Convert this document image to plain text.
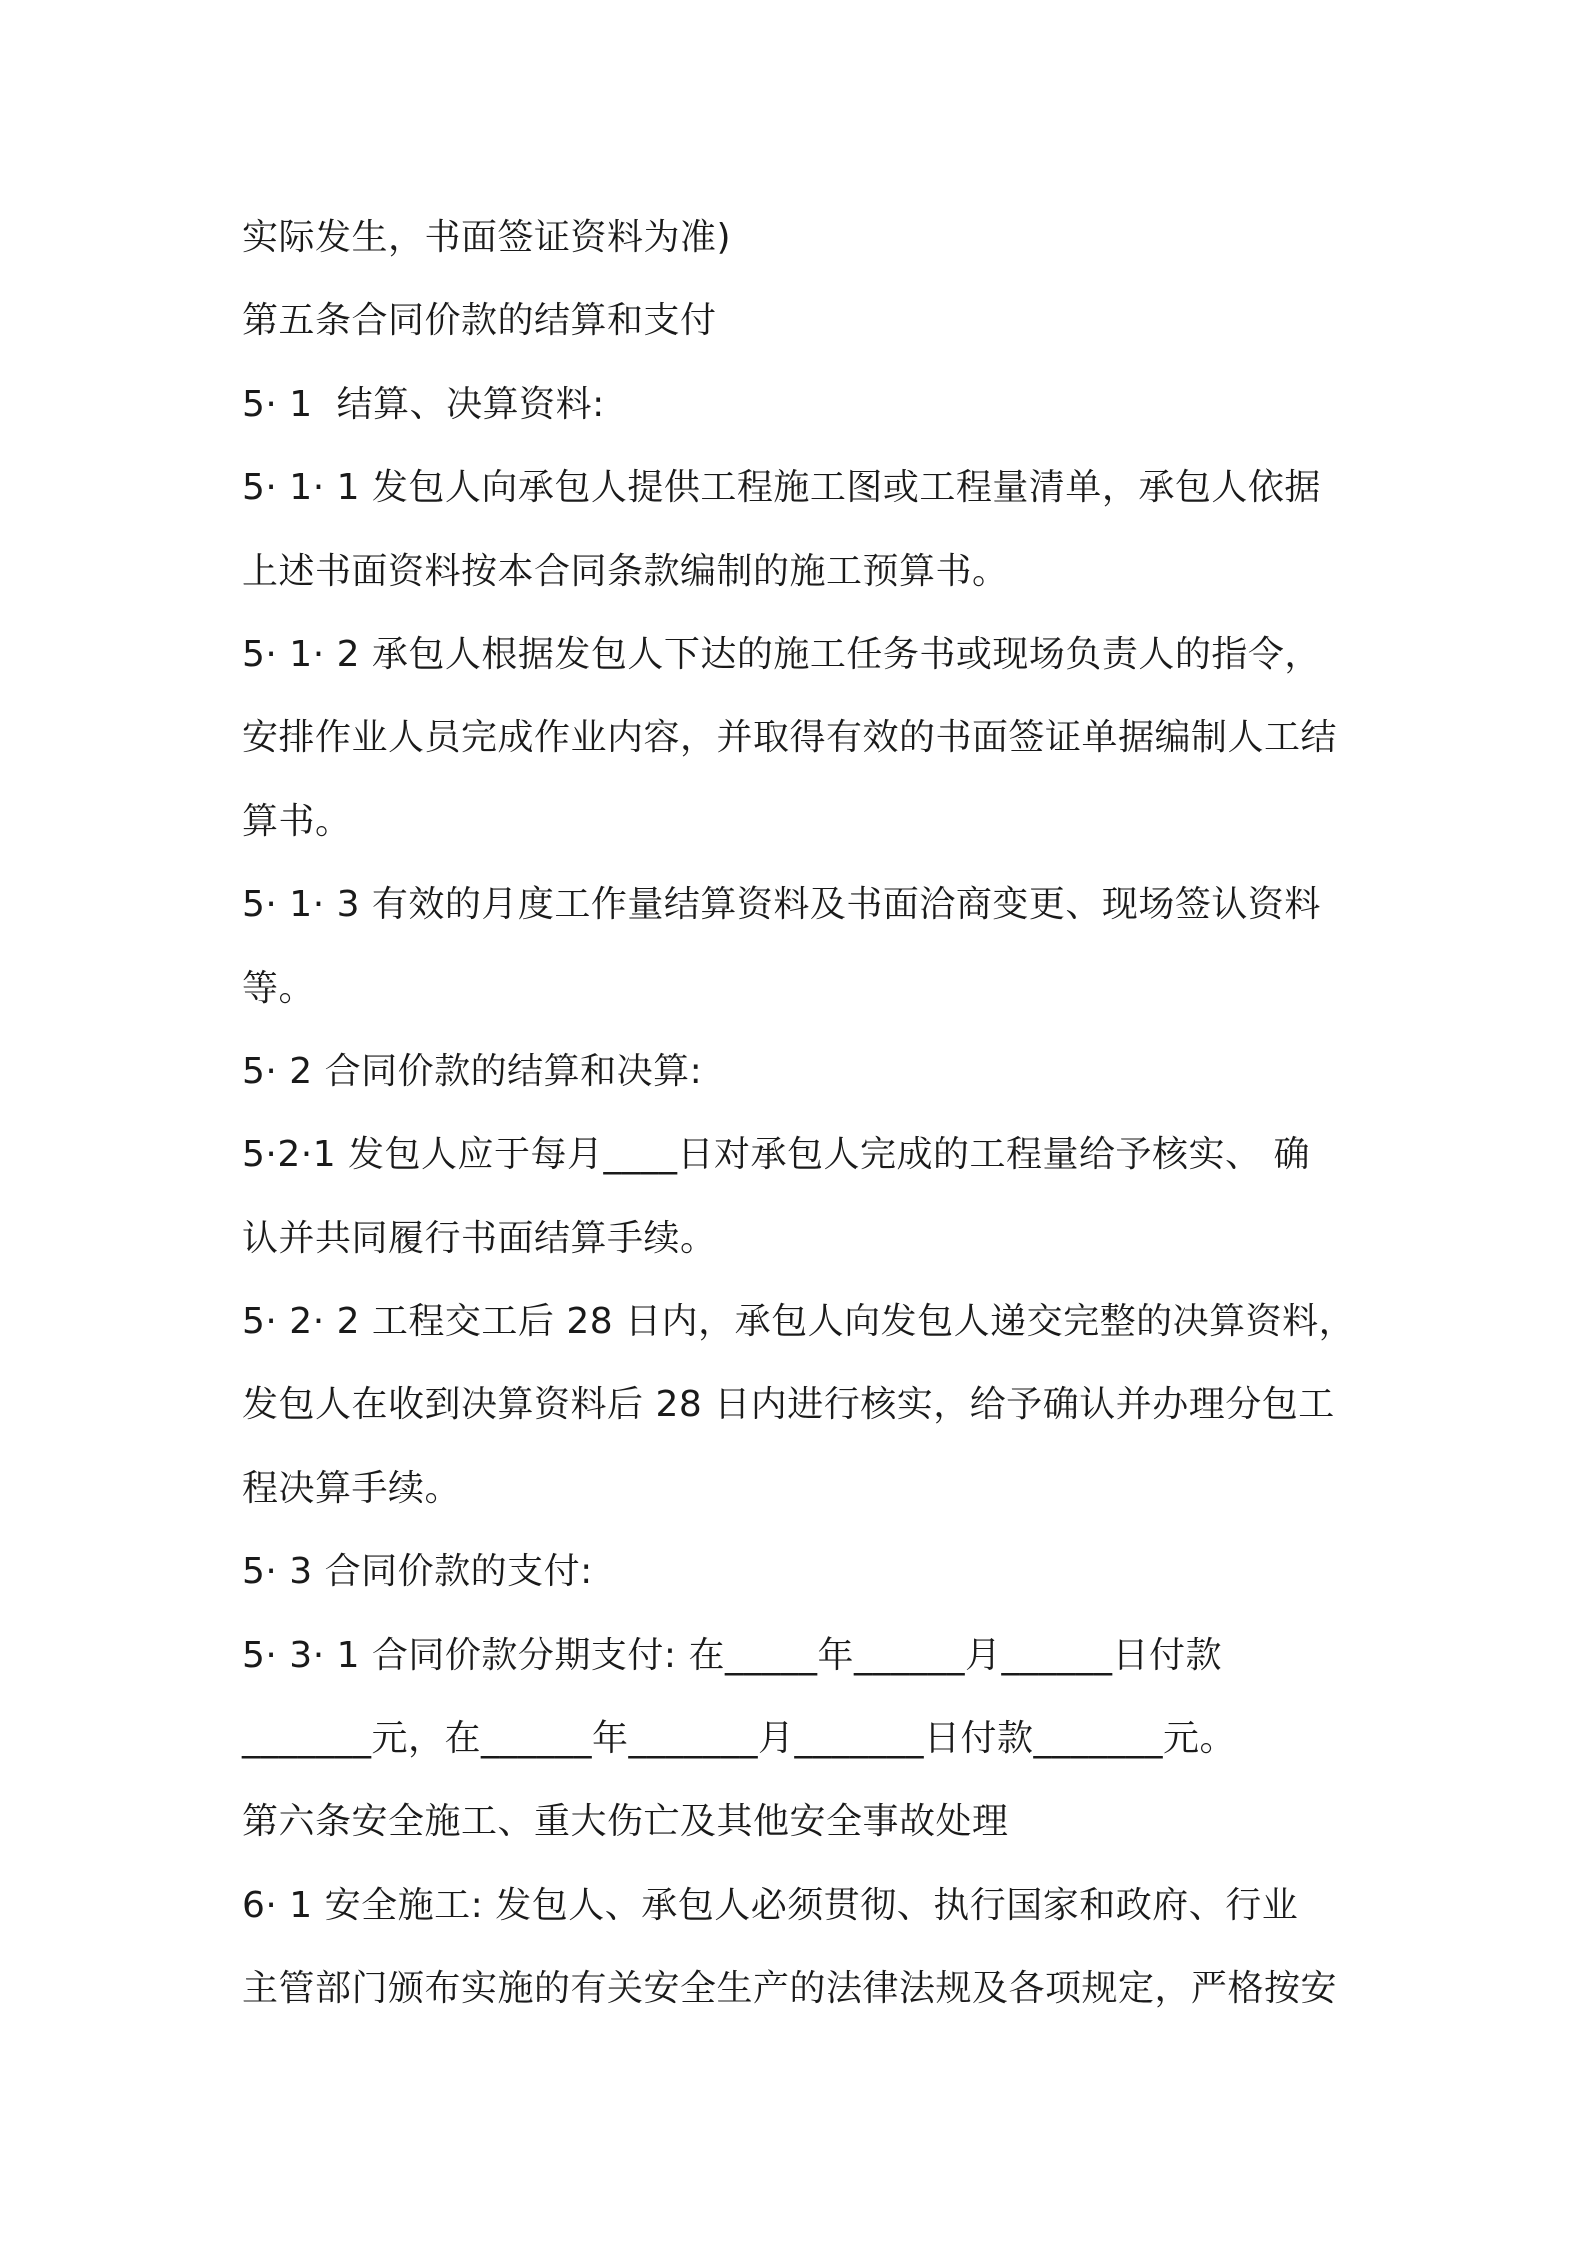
实际发生，书面签证资料为准)
第五条合同价款的结算和支付
5· 1  结算、决算资料:
5· 1· 1 发包人向承包人提供工程施工图或工程量清单，承包人依据
上述书面资料按本合同条款编制的施工预算书。
5· 1· 2 承包人根据发包人下达的施工任务书或现场负责人的指令，
安排作业人员完成作业内容，并取得有效的书面签证单据编制人工结
算书。
5· 1· 3 有效的月度工作量结算资料及书面洽商变更、现场签认资料
等。
5· 2 合同价款的结算和决算:
5·2·1 发包人应于每月____日对承包人完成的工程量给予核实、 确
认并共同履行书面结算手续。
5· 2· 2 工程交工后 28 日内，承包人向发包人递交完整的决算资料，
发包人在收到决算资料后 28 日内进行核实，给予确认并办理分包工
程决算手续。
5· 3 合同价款的支付:
5· 3· 1 合同价款分期支付: 在_____年______月______日付款
_______元，在______年_______月_______日付款_______元。
第六条安全施工、重大伤亡及其他安全事故处理
6· 1 安全施工: 发包人、承包人必须贯彻、执行国家和政府、行业
主管部门颁布实施的有关安全生产的法律法规及各项规定，严格按安
